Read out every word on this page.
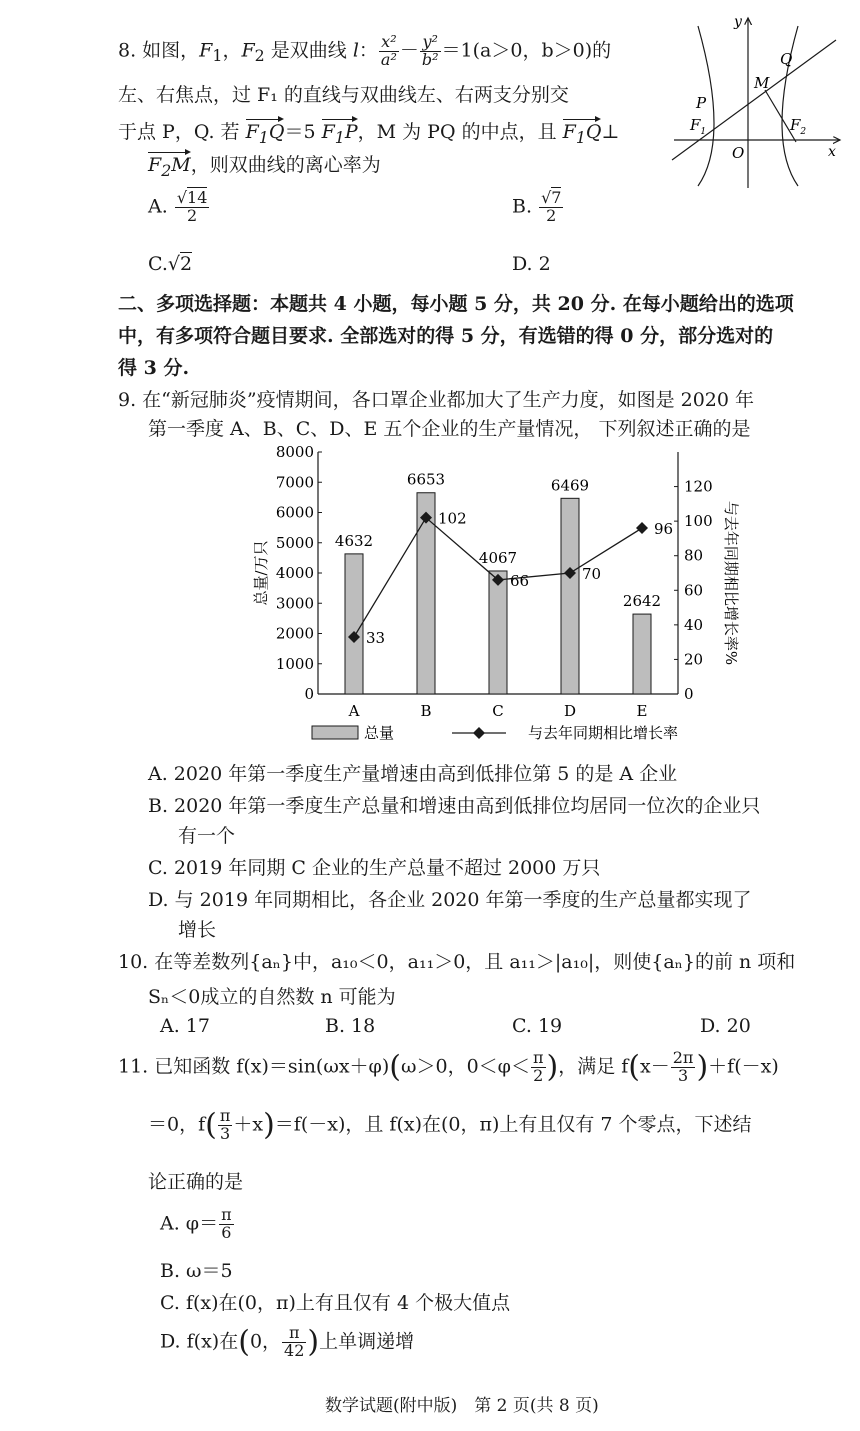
8. 如图，$F_1$，$F_2$ 是双曲线 l： $\frac{\text{x²}}{\text{a²}} - \frac{\text{y²}}{\text{b²}} =1(a>0$，b＞0)的
左、右焦点，过 F₁ 的直线与双曲线左、右两支分别交
于点 P，Q. 若 $F_1Q=5$ $F_1P$，M 为 PQ 的中点，且 $F_1Q\perp$
$F_2M$，则双曲线的离心率为
A. $\frac{√14}{2}$	B. $\frac{√7}{2}$
C.√2	D. 2
y
x
Q
M
P
$F_1$	$F_2$
O
二、多项选择题：本题共 4 小题，每小题 5 分，共 20 分. 在每小题给出的选项
中，有多项符合题目要求. 全部选对的得 5 分，有选错的得 0 分，部分选对的
得 3 分.
9. 在“新冠肺炎”疫情期间，各口罩企业都加大了生产力度，如图是 2020 年
第一季度 A、B、C、D、E 五个企业的生产量情况， 下列叙述正确的是
0
1000
2000
3000
4000
5000
6000
7000
8000
0
20
40
60
80
100
120
4632
A
6653
B
4067
C
6469
D
2642
E
33
102
66	70
96
总量/万只	与去年同期相比增长率%
总量	与去年同期相比增长率
A. 2020 年第一季度生产量增速由高到低排位第 5 的是 A 企业
B. 2020 年第一季度生产总量和增速由高到低排位均居同一位次的企业只
有一个
C. 2019 年同期 C 企业的生产总量不超过 2000 万只
D. 与 2019 年同期相比，各企业 2020 年第一季度的生产总量都实现了
增长
10. 在等差数列{aₙ}中，a₁₀＜0，a₁₁＞0，且 a₁₁＞|a₁₀|，则使{aₙ}的前 n 项和
Sₙ＜0成立的自然数 n 可能为
A. 17	B. 18	C. 19	D. 20
11. 已知函数 f(x)＝sin(ωx＋φ)(ω＞0，$0<\varphi< \frac{\pi}{2}$ )，满足 $f(x- \frac{2\pi}{3} )+f(-x)$
＝0，$f( \frac{\pi}{3} +x)=f(-x)$，且 f(x)在(0，π)上有且仅有 7 个零点，下述结
论正确的是
A. $\varphi= \frac{\pi}{6}$
B. ω＝5
C. f(x)在(0，π)上有且仅有 4 个极大值点
D. f(x)在(0， $\frac{\pi}{42}$ )上单调递增
数学试题(附中版)　第 2 页(共 8 页)
